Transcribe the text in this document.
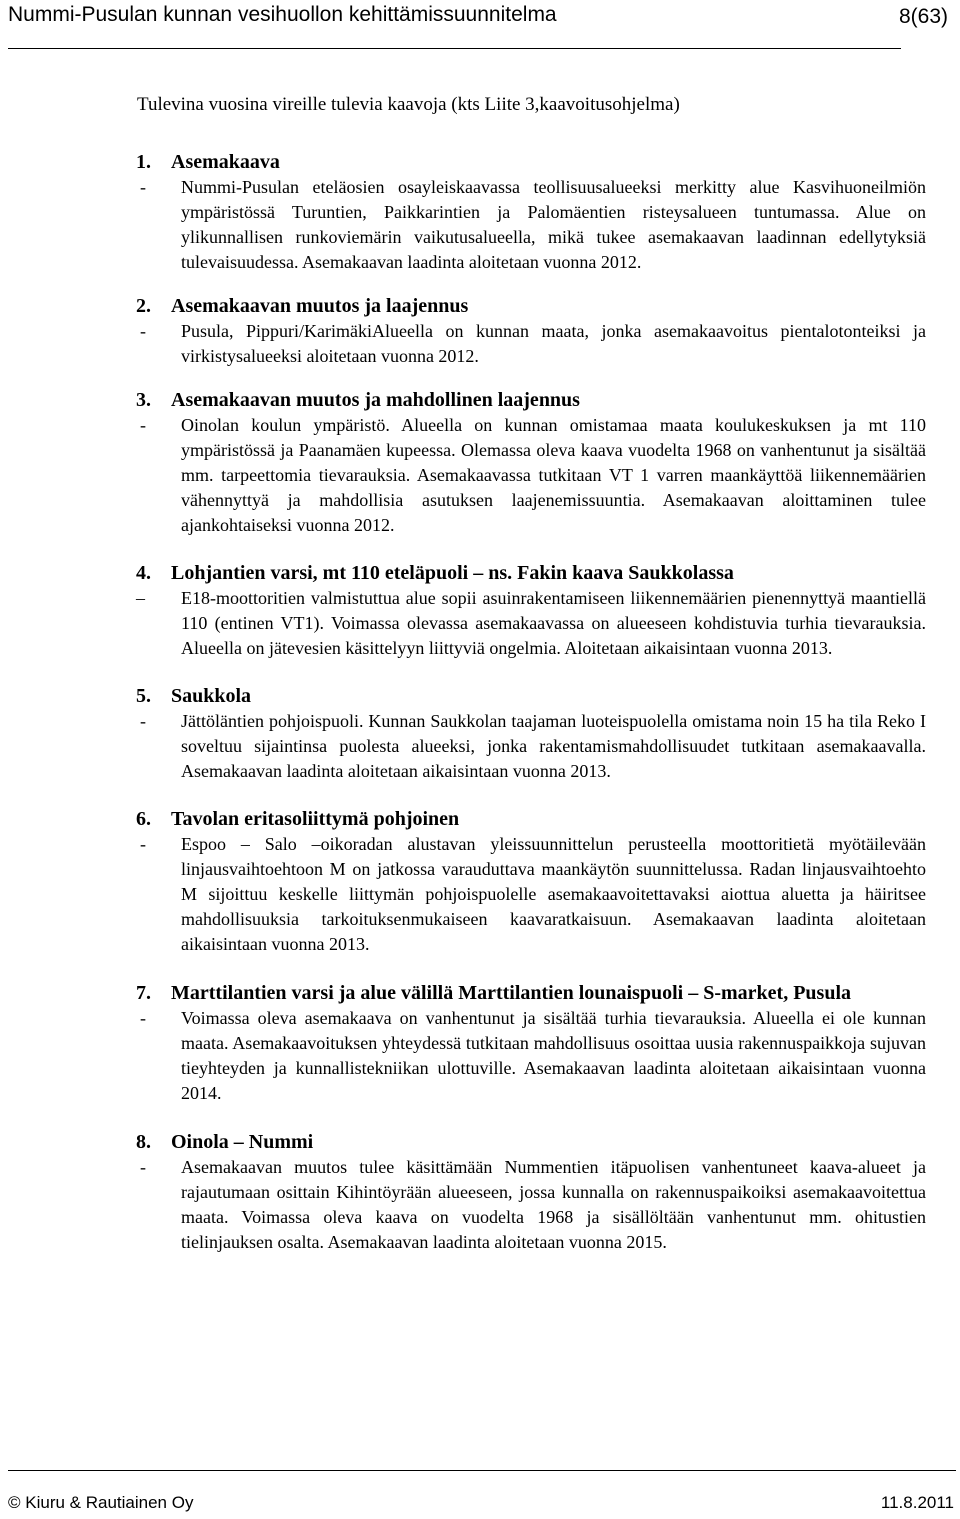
Nummi-Pusulan kunnan vesihuollon kehittämissuunnitelma	8(63)
Tulevina vuosina vireille tulevia kaavoja (kts Liite 3,kaavoitusohjelma)
1.	Asemakaava
-	Nummi-Pusulan eteläosien osayleiskaavassa teollisuusalueeksi merkitty alue Kasvihuoneilmiön ympäristössä Turuntien, Paikkarintien ja Palomäentien risteysalueen tuntumassa. Alue on ylikunnallisen runkoviemärin vaikutusalueella, mikä tukee asemakaavan laadinnan edellytyksiä tulevaisuudessa. Asemakaavan laadinta aloitetaan vuonna 2012.
2.	Asemakaavan muutos ja laajennus
-	Pusula, Pippuri/KarimäkiAlueella on kunnan maata, jonka asemakaavoitus pientalotonteiksi ja virkistysalueeksi aloitetaan vuonna 2012.
3.	Asemakaavan muutos ja mahdollinen laajennus
-	Oinolan koulun ympäristö. Alueella on kunnan omistamaa maata koulukeskuksen ja mt 110 ympäristössä ja Paanamäen kupeessa. Olemassa oleva kaava vuodelta 1968 on vanhentunut ja sisältää mm. tarpeettomia tievarauksia. Asemakaavassa tutkitaan VT 1 varren maankäyttöä liikennemäärien vähennyttyä ja mahdollisia asutuksen laajenemissuuntia. Asemakaavan aloittaminen tulee ajankohtaiseksi vuonna 2012.
4.	Lohjantien varsi, mt 110 eteläpuoli – ns. Fakin kaava Saukkolassa
–	E18-moottoritien valmistuttua alue sopii asuinrakentamiseen liikennemäärien pienennyttyä maantiellä 110 (entinen VT1). Voimassa olevassa asemakaavassa on alueeseen kohdistuvia turhia tievarauksia. Alueella on jätevesien käsittelyyn liittyviä ongelmia. Aloitetaan aikaisintaan vuonna 2013.
5.	Saukkola
-	Jättöläntien pohjoispuoli. Kunnan Saukkolan taajaman luoteispuolella omistama noin 15 ha tila Reko I soveltuu sijaintinsa puolesta alueeksi, jonka rakentamismahdollisuudet tutkitaan asemakaavalla. Asemakaavan laadinta aloitetaan aikaisintaan vuonna 2013.
6.	Tavolan eritasoliittymä pohjoinen
-	Espoo – Salo –oikoradan alustavan yleissuunnittelun perusteella moottoritietä myötäilevään linjausvaihtoehtoon M on jatkossa varauduttava maankäytön suunnittelussa. Radan linjausvaihtoehto M sijoittuu keskelle liittymän pohjoispuolelle asemakaavoitettavaksi aiottua aluetta ja häiritsee mahdollisuuksia tarkoituksenmukaiseen kaavaratkaisuun. Asemakaavan laadinta aloitetaan aikaisintaan vuonna 2013.
7.	Marttilantien varsi ja alue välillä Marttilantien lounaispuoli – S-market, Pusula
-	Voimassa oleva asemakaava on vanhentunut ja sisältää turhia tievarauksia. Alueella ei ole kunnan maata. Asemakaavoituksen yhteydessä tutkitaan mahdollisuus osoittaa uusia rakennuspaikkoja sujuvan tieyhteyden ja kunnallistekniikan ulottuville. Asemakaavan laadinta aloitetaan aikaisintaan vuonna 2014.
8.	Oinola – Nummi
-	Asemakaavan muutos tulee käsittämään Nummentien itäpuolisen vanhentuneet kaava-alueet ja rajautumaan osittain Kihintöyrään alueeseen, jossa kunnalla on rakennuspaikoiksi asemakaavoitettua maata. Voimassa oleva kaava on vuodelta 1968 ja sisällöltään vanhentunut mm. ohitustien tielinjauksen osalta. Asemakaavan laadinta aloitetaan vuonna 2015.
© Kiuru & Rautiainen Oy	11.8.2011
